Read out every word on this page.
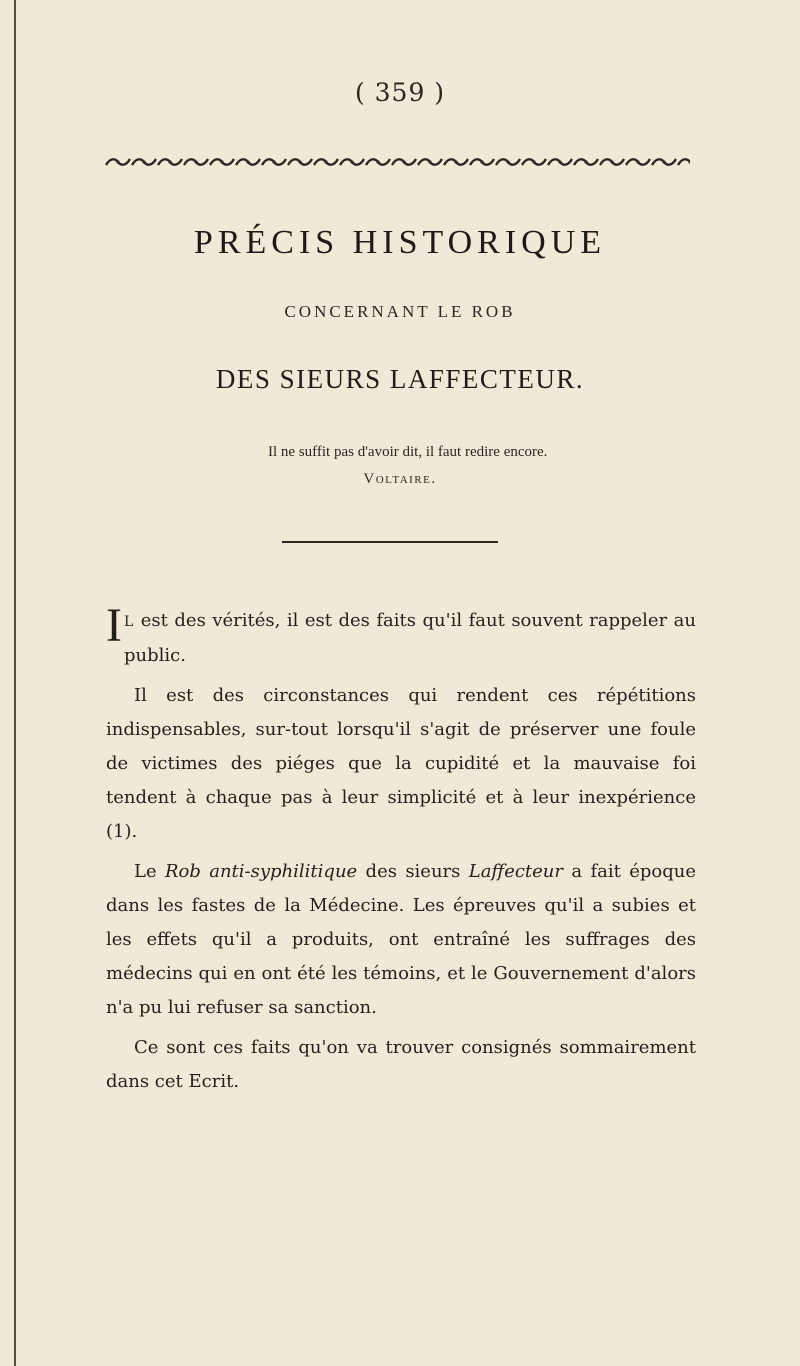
( 359 )
PRÉCIS HISTORIQUE
CONCERNANT LE ROB
DES SIEURS LAFFECTEUR.
Il ne suffit pas d'avoir dit, il faut redire encore.
Voltaire.

I L est des vérités, il est des faits qu'il faut souvent rappeler au public.

Il est des circonstances qui rendent ces répétitions indispensables, sur-tout lorsqu'il s'agit de préserver une foule de victimes des piéges que la cupidité et la mauvaise foi tendent à chaque pas à leur simplicité et à leur inexpérience (1).

Le Rob anti-syphilitique des sieurs Laffecteur a fait époque dans les fastes de la Médecine. Les épreuves qu'il a subies et les effets qu'il a produits, ont entraîné les suffrages des médecins qui en ont été les témoins, et le Gouvernement d'alors n'a pu lui refuser sa sanction.

Ce sont ces faits qu'on va trouver consignés sommairement dans cet Ecrit.
